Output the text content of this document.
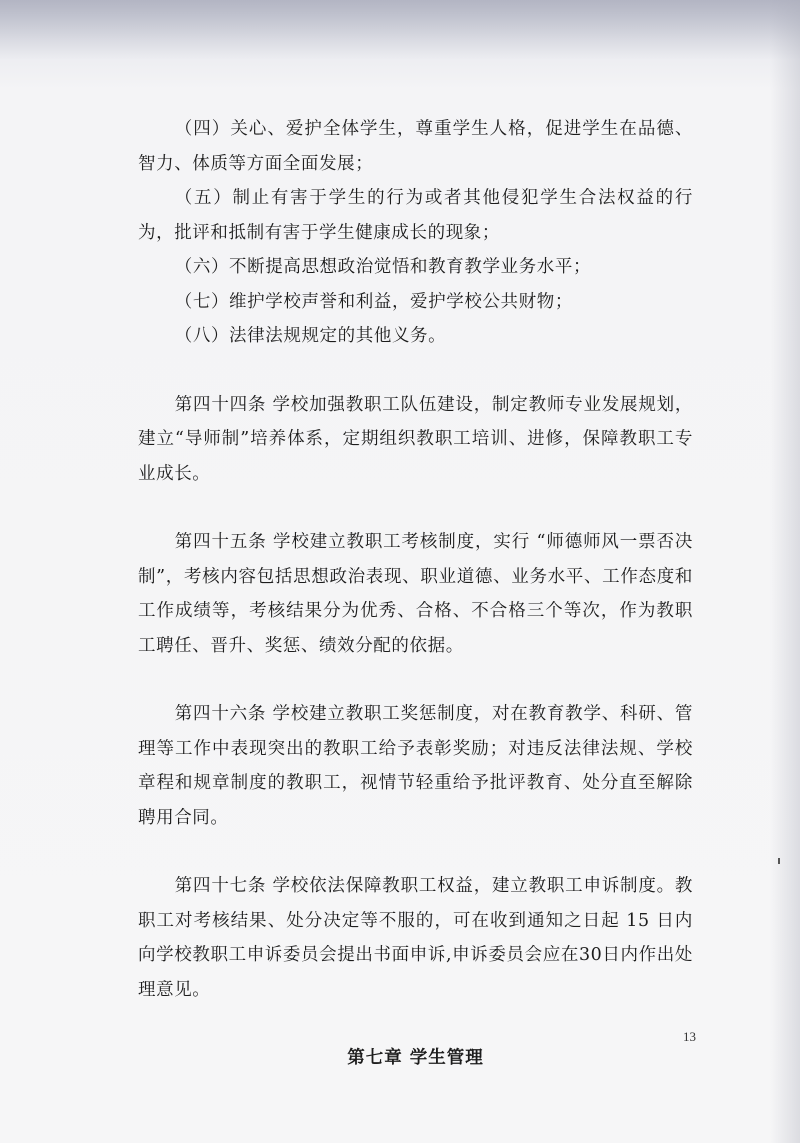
（四）关心、爱护全体学生，尊重学生人格，促进学生在品德、智力、体质等方面全面发展；

（五）制止有害于学生的行为或者其他侵犯学生合法权益的行为，批评和抵制有害于学生健康成长的现象；

（六）不断提高思想政治觉悟和教育教学业务水平；

（七）维护学校声誉和利益，爱护学校公共财物；

（八）法律法规规定的其他义务。

第四十四条 学校加强教职工队伍建设，制定教师专业发展规划，建立“导师制”培养体系，定期组织教职工培训、进修，保障教职工专业成长。

第四十五条 学校建立教职工考核制度，实行 “师德师风一票否决制”，考核内容包括思想政治表现、职业道德、业务水平、工作态度和工作成绩等，考核结果分为优秀、合格、不合格三个等次，作为教职工聘任、晋升、奖惩、绩效分配的依据。

第四十六条 学校建立教职工奖惩制度，对在教育教学、科研、管理等工作中表现突出的教职工给予表彰奖励；对违反法律法规、学校章程和规章制度的教职工，视情节轻重给予批评教育、处分直至解除聘用合同。

第四十七条 学校依法保障教职工权益，建立教职工申诉制度。教职工对考核结果、处分决定等不服的，可在收到通知之日起 15 日内向学校教职工申诉委员会提出书面申诉,申诉委员会应在30日内作出处理意见。

第七章 学生管理

13
